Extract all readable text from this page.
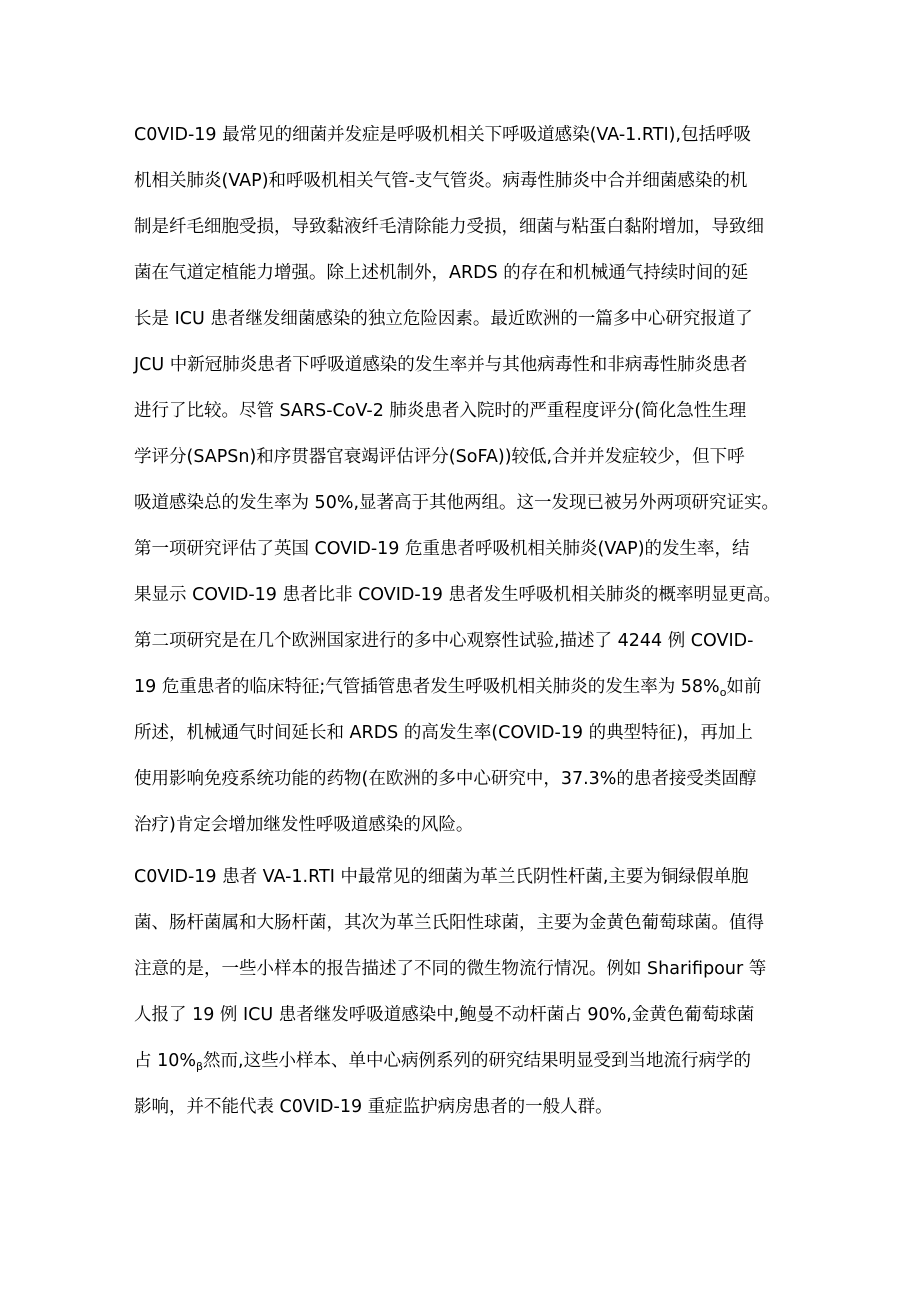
C0VID-19 最常见的细菌并发症是呼吸机相关下呼吸道感染(VA-1.RTI),包括呼吸
机相关肺炎(VAP)和呼吸机相关气管-支气管炎。病毒性肺炎中合并细菌感染的机
制是纤毛细胞受损，导致黏液纤毛清除能力受损，细菌与粘蛋白黏附增加，导致细
菌在气道定植能力增强。除上述机制外，ARDS 的存在和机械通气持续时间的延
长是 ICU 患者继发细菌感染的独立危险因素。最近欧洲的一篇多中心研究报道了
JCU 中新冠肺炎患者下呼吸道感染的发生率并与其他病毒性和非病毒性肺炎患者
进行了比较。尽管 SARS-CoV-2 肺炎患者入院时的严重程度评分(简化急性生理
学评分(SAPSn)和序贯器官衰竭评估评分(SoFA))较低,合并并发症较少，但下呼
吸道感染总的发生率为 50%,显著高于其他两组。这一发现已被另外两项研究证实。
第一项研究评估了英国 COVID-19 危重患者呼吸机相关肺炎(VAP)的发生率，结
果显示 COVID-19 患者比非 COVID-19 患者发生呼吸机相关肺炎的概率明显更高。
第二项研究是在几个欧洲国家进行的多中心观察性试验,描述了 4244 例 COVID-
19 危重患者的临床特征;气管插管患者发生呼吸机相关肺炎的发生率为 $58\%_o$如前
所述，机械通气时间延长和 ARDS 的高发生率(COVID-19 的典型特征)，再加上
使用影响免疫系统功能的药物(在欧洲的多中心研究中，37.3%的患者接受类固醇
治疗)肯定会增加继发性呼吸道感染的风险。
C0VID-19 患者 VA-1.RTI 中最常见的细菌为革兰氏阴性杆菌,主要为铜绿假单胞
菌、肠杆菌属和大肠杆菌，其次为革兰氏阳性球菌，主要为金黄色葡萄球菌。值得
注意的是，一些小样本的报告描述了不同的微生物流行情况。例如 Sharifipour 等
人报了 19 例 ICU 患者继发呼吸道感染中,鲍曼不动杆菌占 90%,金黄色葡萄球菌
占 $10\%_\beta$然而,这些小样本、单中心病例系列的研究结果明显受到当地流行病学的
影响，并不能代表 C0VID-19 重症监护病房患者的一般人群。
